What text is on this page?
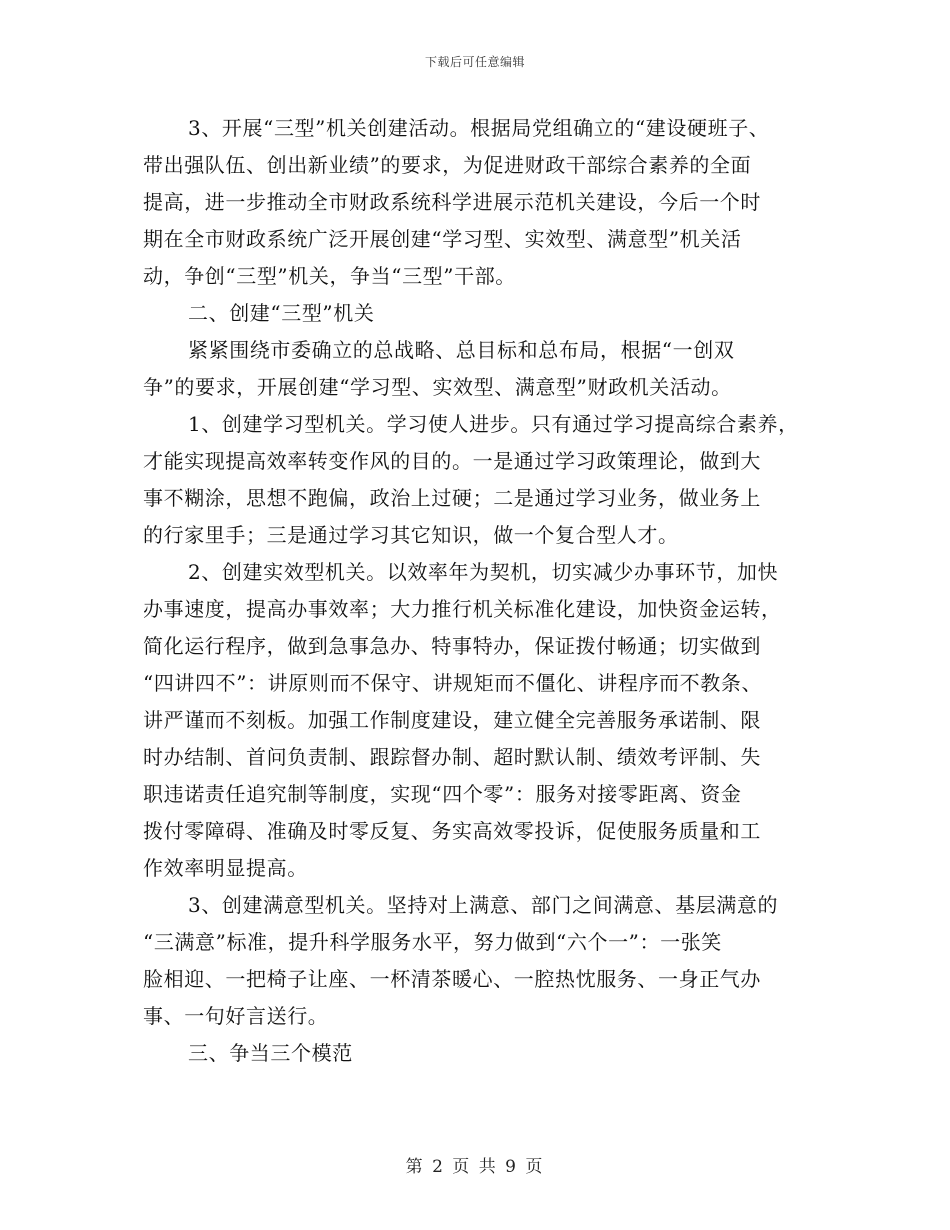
下载后可任意编辑
3、开展“三型”机关创建活动。根据局党组确立的“建设硬班子、
带出强队伍、创出新业绩”的要求，为促进财政干部综合素养的全面
提高，进一步推动全市财政系统科学进展示范机关建设，今后一个时
期在全市财政系统广泛开展创建“学习型、实效型、满意型”机关活
动，争创“三型”机关，争当“三型”干部。
二、创建“三型”机关
紧紧围绕市委确立的总战略、总目标和总布局，根据“一创双
争”的要求，开展创建“学习型、实效型、满意型”财政机关活动。
1、创建学习型机关。学习使人进步。只有通过学习提高综合素养，
才能实现提高效率转变作风的目的。一是通过学习政策理论，做到大
事不糊涂，思想不跑偏，政治上过硬；二是通过学习业务，做业务上
的行家里手；三是通过学习其它知识，做一个复合型人才。
2、创建实效型机关。以效率年为契机，切实减少办事环节，加快
办事速度，提高办事效率；大力推行机关标准化建设，加快资金运转，
简化运行程序，做到急事急办、特事特办，保证拨付畅通；切实做到
“四讲四不”：讲原则而不保守、讲规矩而不僵化、讲程序而不教条、
讲严谨而不刻板。加强工作制度建设，建立健全完善服务承诺制、限
时办结制、首问负责制、跟踪督办制、超时默认制、绩效考评制、失
职违诺责任追究制等制度，实现“四个零”：服务对接零距离、资金
拨付零障碍、准确及时零反复、务实高效零投诉，促使服务质量和工
作效率明显提高。
3、创建满意型机关。坚持对上满意、部门之间满意、基层满意的
“三满意”标准，提升科学服务水平，努力做到“六个一”：一张笑
脸相迎、一把椅子让座、一杯清茶暖心、一腔热忱服务、一身正气办
事、一句好言送行。
三、争当三个模范
第 2 页 共 9 页
